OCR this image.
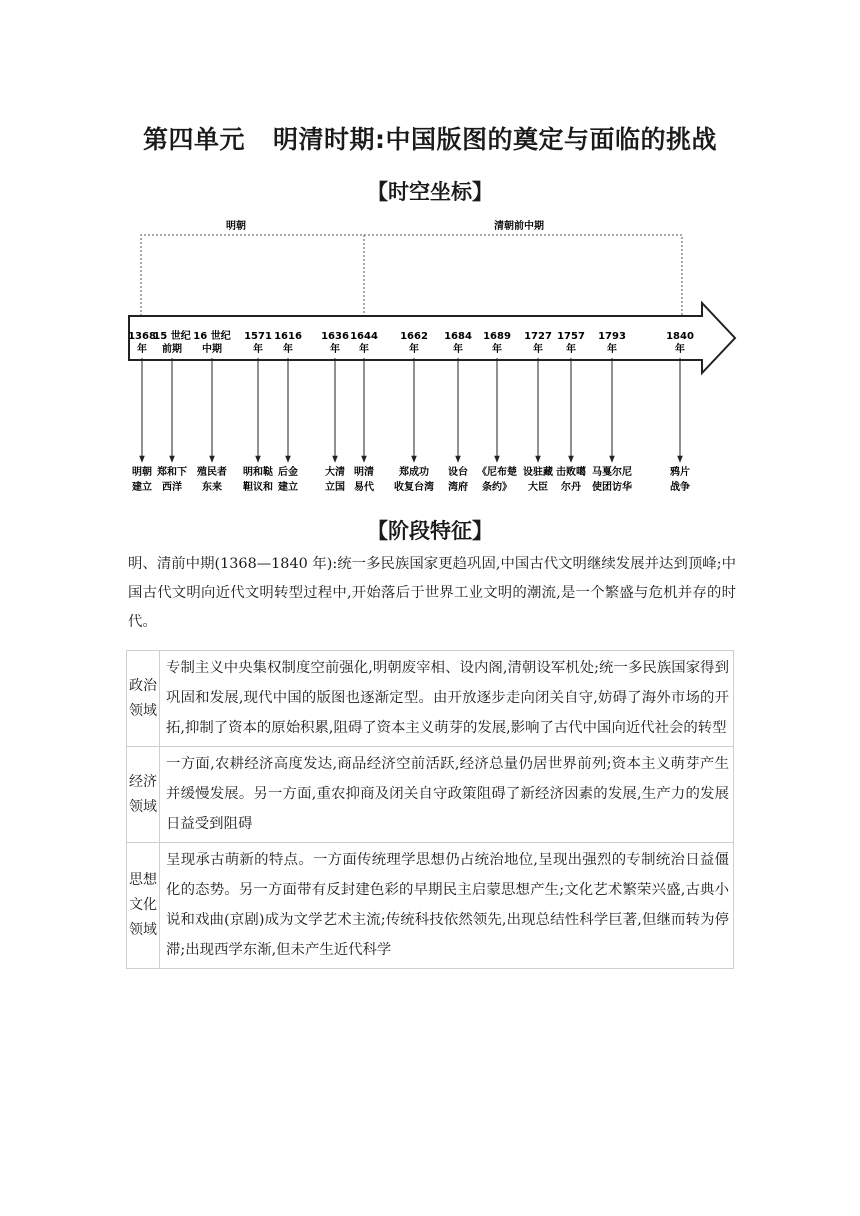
第四单元 明清时期:中国版图的奠定与面临的挑战
【时空坐标】
明朝	清朝前中期
1368
年
明朝
建立
15 世纪
前期
郑和下
西洋
16 世纪
中期
殖民者
东来
1571
年
明和鞑
靼议和
1616
年
后金
建立
1636
年
大清
立国
1644
年
明清
易代
1662
年
郑成功
收复台湾
1684
年
设台
湾府
1689
年
《尼布楚
条约》
1727
年
设驻藏
大臣
1757
年
击败噶
尔丹
1793
年
马戛尔尼
使团访华
1840
年
鸦片
战争
【阶段特征】
明、清前中期(1368—1840 年):统一多民族国家更趋巩固,中国古代文明继续发展并达到顶峰;中国古代文明向近代文明转型过程中,开始落后于世界工业文明的潮流,是一个繁盛与危机并存的时代。
政治
领域	专制主义中央集权制度空前强化,明朝废宰相、设内阁,清朝设军机处;统一多民族国家得到巩固和发展,现代中国的版图也逐渐定型。由开放逐步走向闭关自守,妨碍了海外市场的开拓,抑制了资本的原始积累,阻碍了资本主义萌芽的发展,影响了古代中国向近代社会的转型
经济
领域	一方面,农耕经济高度发达,商品经济空前活跃,经济总量仍居世界前列;资本主义萌芽产生并缓慢发展。另一方面,重农抑商及闭关自守政策阻碍了新经济因素的发展,生产力的发展日益受到阻碍
思想
文化
领域	呈现承古萌新的特点。一方面传统理学思想仍占统治地位,呈现出强烈的专制统治日益僵化的态势。另一方面带有反封建色彩的早期民主启蒙思想产生;文化艺术繁荣兴盛,古典小说和戏曲(京剧)成为文学艺术主流;传统科技依然领先,出现总结性科学巨著,但继而转为停滞;出现西学东渐,但未产生近代科学
